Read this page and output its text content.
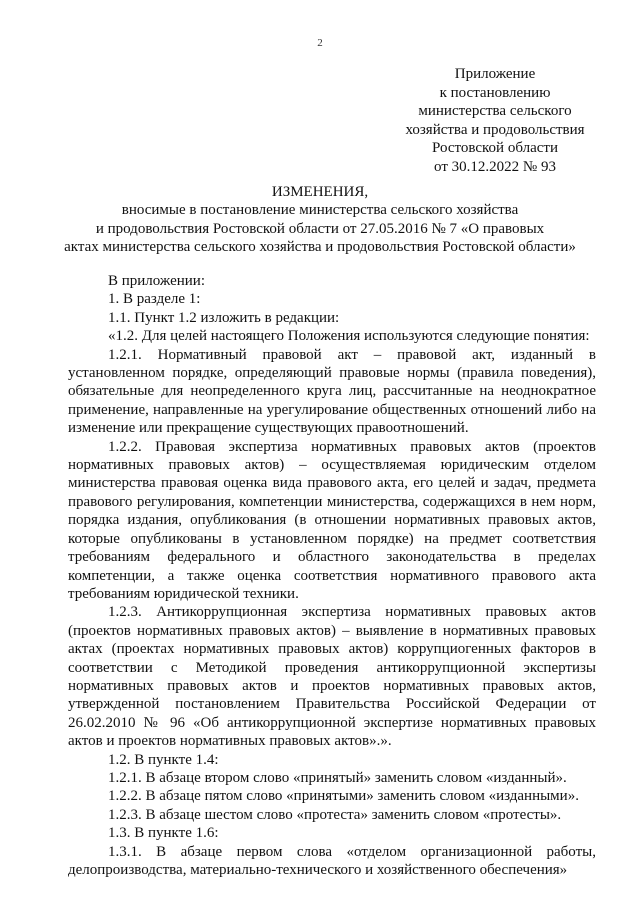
2
Приложение
к постановлению
министерства сельского
хозяйства и продовольствия
Ростовской области
от 30.12.2022 № 93
ИЗМЕНЕНИЯ,
вносимые в постановление министерства сельского хозяйства
и продовольствия Ростовской области от 27.05.2016 № 7 «О правовых
актах министерства сельского хозяйства и продовольствия Ростовской области»

В приложении:

1. В разделе 1:

1.1. Пункт 1.2 изложить в редакции:

«1.2. Для целей настоящего Положения используются следующие понятия:

1.2.1. Нормативный правовой акт – правовой акт, изданный в установленном порядке, определяющий правовые нормы (правила поведения), обязательные для неопределенного круга лиц, рассчитанные на неоднократное применение, направленные на урегулирование общественных отношений либо на изменение или прекращение существующих правоотношений.

1.2.2. Правовая экспертиза нормативных правовых актов (проектов нормативных правовых актов) – осуществляемая юридическим отделом министерства правовая оценка вида правового акта, его целей и задач, предмета правового регулирования, компетенции министерства, содержащихся в нем норм, порядка издания, опубликования (в отношении нормативных правовых актов, которые опубликованы в установленном порядке) на предмет соответствия требованиям федерального и областного законодательства в пределах компетенции, а также оценка соответствия нормативного правового акта требованиям юридической техники.

1.2.3. Антикоррупционная экспертиза нормативных правовых актов (проектов нормативных правовых актов) – выявление в нормативных правовых актах (проектах нормативных правовых актов) коррупциогенных факторов в соответствии с Методикой проведения антикоррупционной экспертизы нормативных правовых актов и проектов нормативных правовых актов, утвержденной постановлением Правительства Российской Федерации от 26.02.2010 № 96 «Об антикоррупционной экспертизе нормативных правовых актов и проектов нормативных правовых актов».».

1.2. В пункте 1.4:

1.2.1. В абзаце втором слово «принятый» заменить словом «изданный».

1.2.2. В абзаце пятом слово «принятыми» заменить словом «изданными».

1.2.3. В абзаце шестом слово «протеста» заменить словом «протесты».

1.3. В пункте 1.6:

1.3.1. В абзаце первом слова «отделом организационной работы, делопроизводства, материально-технического и хозяйственного обеспечения»
